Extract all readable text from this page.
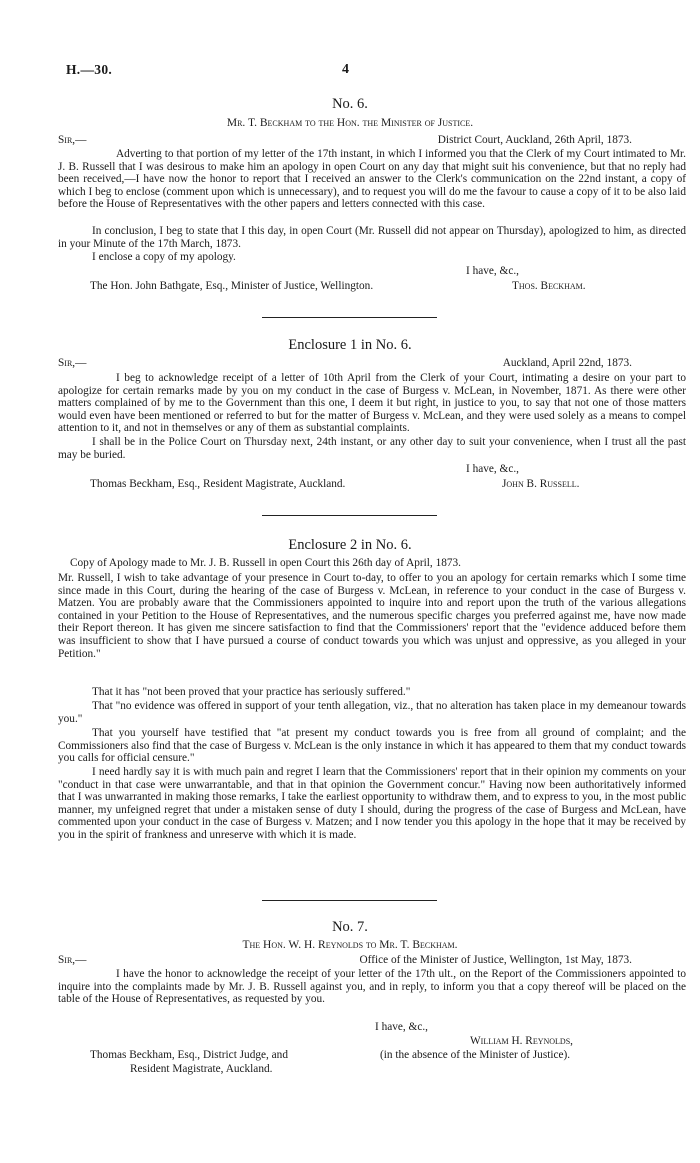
H.—30.	4
No. 6.
Mr. T. Beckham to the Hon. the Minister of Justice.
Sir,—	District Court, Auckland, 26th April, 1873.
Adverting to that portion of my letter of the 17th instant, in which I informed you that the Clerk of my Court intimated to Mr. J. B. Russell that I was desirous to make him an apology in open Court on any day that might suit his convenience, but that no reply had been received,—I have now the honor to report that I received an answer to the Clerk's communication on the 22nd instant, a copy of which I beg to enclose (comment upon which is unnecessary), and to request you will do me the favour to cause a copy of it to be also laid before the House of Representatives with the other papers and letters connected with this case.
In conclusion, I beg to state that I this day, in open Court (Mr. Russell did not appear on Thursday), apologized to him, as directed in your Minute of the 17th March, 1873.
I enclose a copy of my apology.
I have, &c.,
The Hon. John Bathgate, Esq., Minister of Justice, Wellington.	Thos. Beckham.
Enclosure 1 in No. 6.
Sir,—	Auckland, April 22nd, 1873.
I beg to acknowledge receipt of a letter of 10th April from the Clerk of your Court, intimating a desire on your part to apologize for certain remarks made by you on my conduct in the case of Burgess v. McLean, in November, 1871. As there were other matters complained of by me to the Government than this one, I deem it but right, in justice to you, to say that not one of those matters would even have been mentioned or referred to but for the matter of Burgess v. McLean, and they were used solely as a means to compel attention to it, and not in themselves or any of them as substantial complaints.
I shall be in the Police Court on Thursday next, 24th instant, or any other day to suit your convenience, when I trust all the past may be buried.
I have, &c.,
Thomas Beckham, Esq., Resident Magistrate, Auckland.	John B. Russell.
Enclosure 2 in No. 6.
Copy of Apology made to Mr. J. B. Russell in open Court this 26th day of April, 1873.
Mr. Russell, I wish to take advantage of your presence in Court to-day, to offer to you an apology for certain remarks which I some time since made in this Court, during the hearing of the case of Burgess v. McLean, in reference to your conduct in the case of Burgess v. Matzen. You are probably aware that the Commissioners appointed to inquire into and report upon the truth of the various allegations contained in your Petition to the House of Representatives, and the numerous specific charges you preferred against me, have now made their Report thereon. It has given me sincere satisfaction to find that the Commissioners' report that the "evidence adduced before them was insufficient to show that I have pursued a course of conduct towards you which was unjust and oppressive, as you alleged in your Petition."
That it has "not been proved that your practice has seriously suffered."
That "no evidence was offered in support of your tenth allegation, viz., that no alteration has taken place in my demeanour towards you."
That you yourself have testified that "at present my conduct towards you is free from all ground of complaint; and the Commissioners also find that the case of Burgess v. McLean is the only instance in which it has appeared to them that my conduct towards you calls for official censure."
I need hardly say it is with much pain and regret I learn that the Commissioners' report that in their opinion my comments on your "conduct in that case were unwarrantable, and that in that opinion the Government concur." Having now been authoritatively informed that I was unwarranted in making those remarks, I take the earliest opportunity to withdraw them, and to express to you, in the most public manner, my unfeigned regret that under a mistaken sense of duty I should, during the progress of the case of Burgess and McLean, have commented upon your conduct in the case of Burgess v. Matzen; and I now tender you this apology in the hope that it may be received by you in the spirit of frankness and unreserve with which it is made.
No. 7.
The Hon. W. H. Reynolds to Mr. T. Beckham.
Sir,—	Office of the Minister of Justice, Wellington, 1st May, 1873.
I have the honor to acknowledge the receipt of your letter of the 17th ult., on the Report of the Commissioners appointed to inquire into the complaints made by Mr. J. B. Russell against you, and in reply, to inform you that a copy thereof will be placed on the table of the House of Representatives, as requested by you.
I have, &c.,
William H. Reynolds,
Thomas Beckham, Esq., District Judge, and	(in the absence of the Minister of Justice).
Resident Magistrate, Auckland.
